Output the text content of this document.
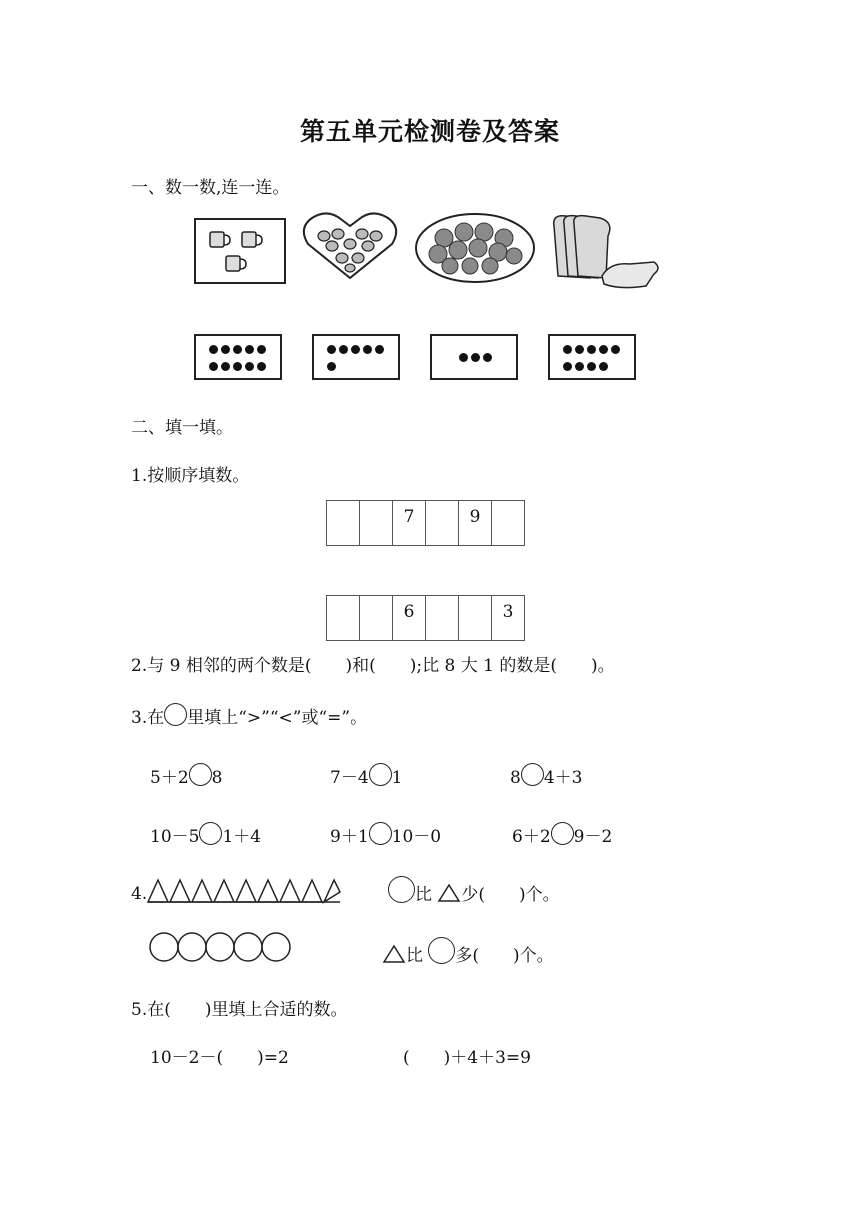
第五单元检测卷及答案
一、数一数,连一连。
二、填一填。
1.按顺序填数。
		7		9	
		6			3
2.与 9 相邻的两个数是(　　)和(　　);比 8 大 1 的数是(　　)。
3.在 里填上“>”“<”或“=”。
5＋2 8	7－4 1	8 4＋3
10－5 1＋4	9＋1 10－0	6＋2 9－2
4.	比 少(　　)个。
比 多(　　)个。
5.在(　　)里填上合适的数。
10－2－(　　)=2	(　　)＋4＋3=9
